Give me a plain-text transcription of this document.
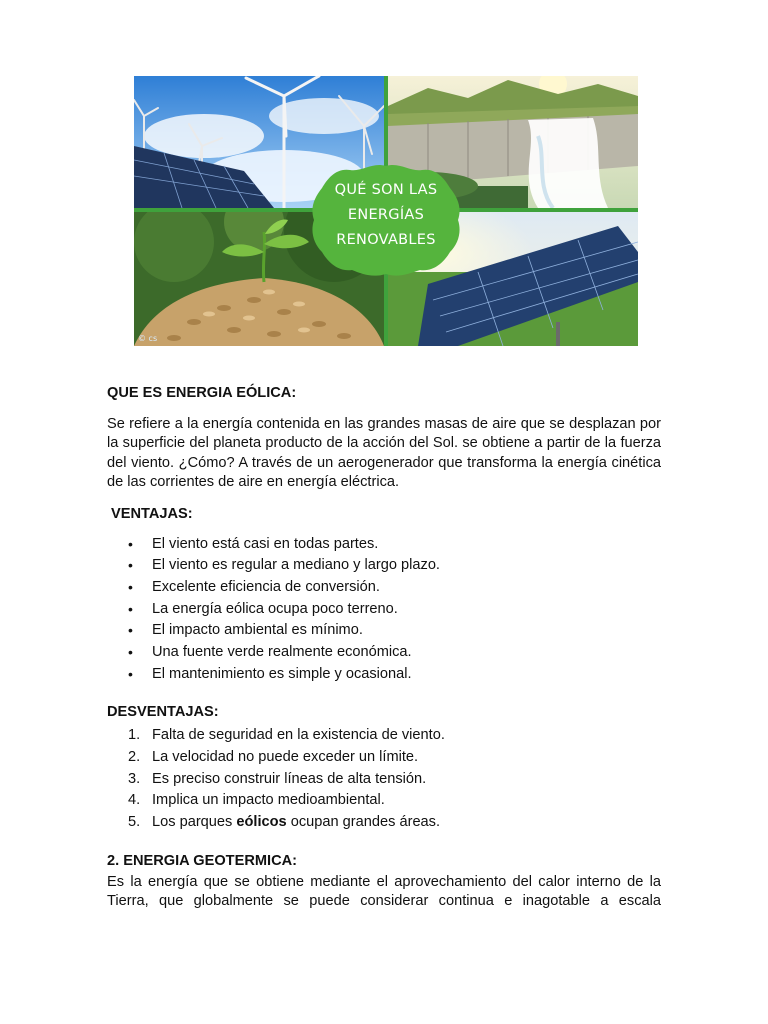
© cs
QUÉ SON LAS
ENERGÍAS
RENOVABLES

QUE ES ENERGIA EÓLICA:

Se refiere a la energía contenida en las grandes masas de aire que se desplazan por la superficie del planeta producto de la acción del Sol. se obtiene a partir de la fuerza del viento. ¿Cómo? A través de un aerogenerador que transforma la energía cinética de las corrientes de aire en energía eléctrica.

VENTAJAS:

• El viento está casi en todas partes.
• El viento es regular a mediano y largo plazo.
• Excelente eficiencia de conversión.
• La energía eólica ocupa poco terreno.
• El impacto ambiental es mínimo.
• Una fuente verde realmente económica.
• El mantenimiento es simple y ocasional.

DESVENTAJAS:

1. Falta de seguridad en la existencia de viento.
2. La velocidad no puede exceder un límite.
3. Es preciso construir líneas de alta tensión.
4. Implica un impacto medioambiental.
5. Los parques eólicos ocupan grandes áreas.

2. ENERGIA GEOTERMICA:

Es la energía que se obtiene mediante el aprovechamiento del calor interno de la Tierra, que globalmente se puede considerar continua e inagotable a escala
